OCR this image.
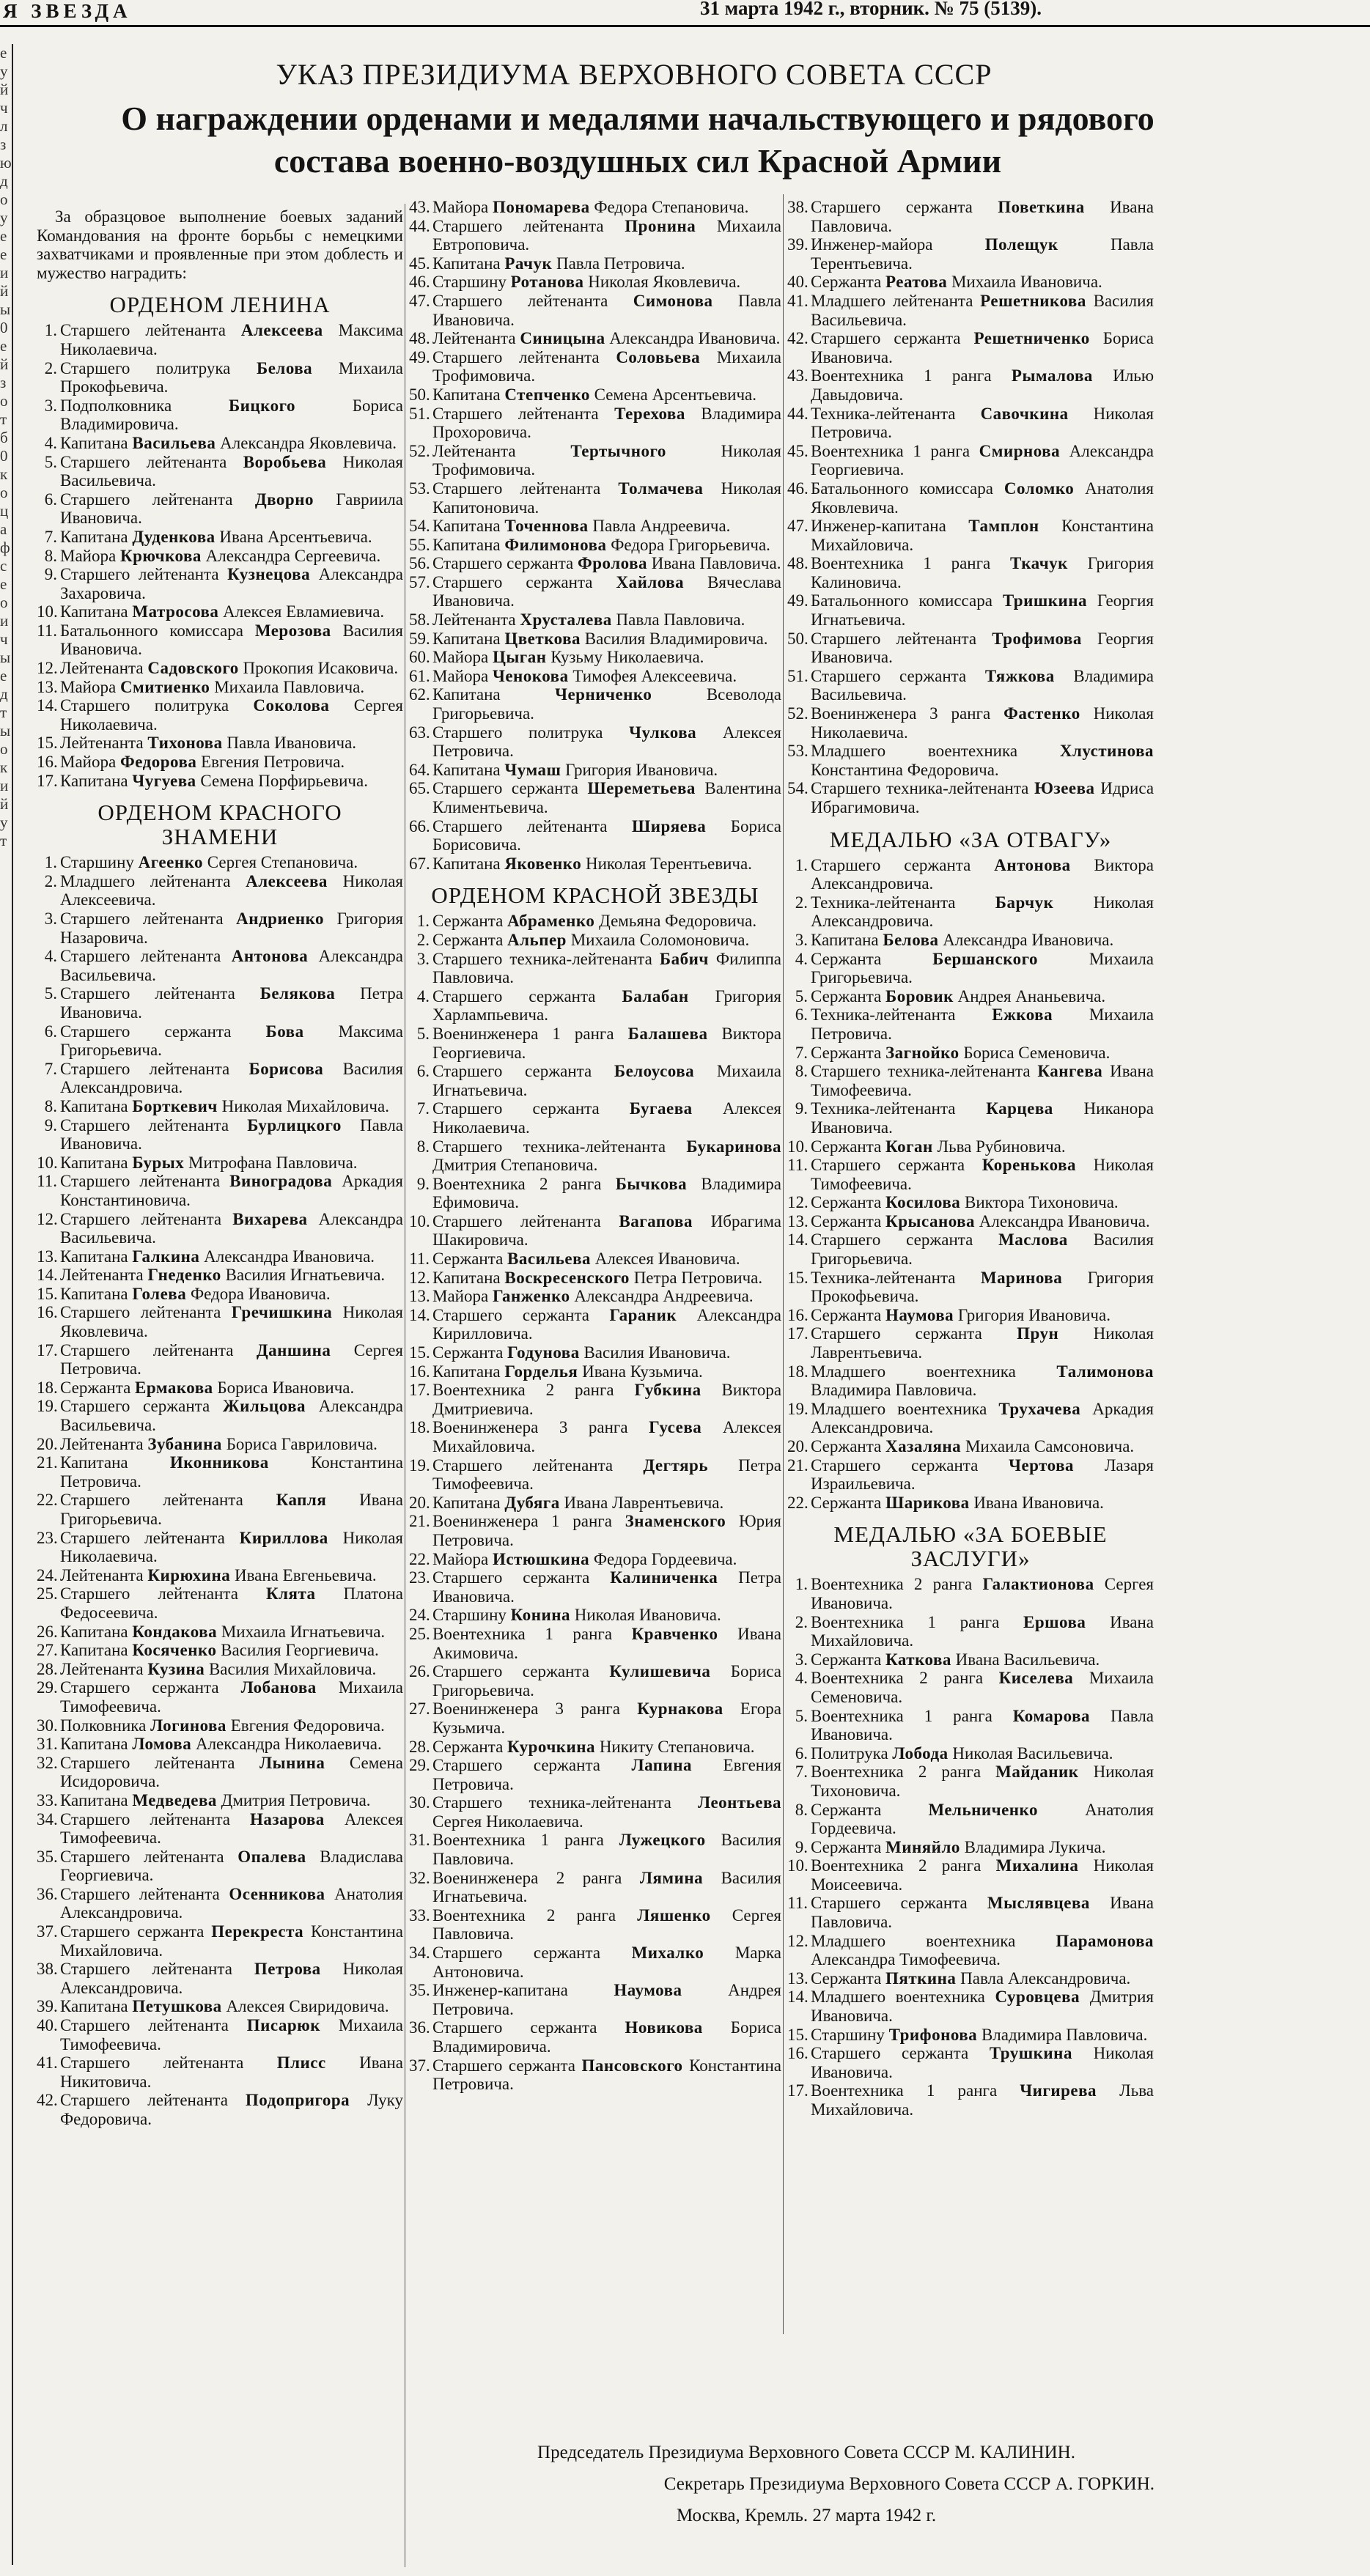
Я ЗВЕЗДА	31 марта 1942 г., вторник. № 75 (5139).
е у й ч л з ю д о у е е и й ы 0 е й з о т б 0 к о ц а ф с е о и ч ы е д т ы о к и й у т
УКАЗ ПРЕЗИДИУМА ВЕРХОВНОГО СОВЕТА СССР
О награждении орденами и медалями начальствующего и рядового состава военно-воздушных сил Красной Армии
За образцовое выполнение боевых заданий Командования на фронте борьбы с немецкими захватчиками и проявленные при этом доблесть и мужество наградить:
ОРДЕНОМ ЛЕНИНА
1. Старшего лейтенанта Алексеева Максима Николаевича.
2. Старшего политрука Белова Михаила Прокофьевича.
3. Подполковника	Бицкого	Бориса Владимировича.
4. Капитана Васильева Александра Яковлевича.
5. Старшего лейтенанта Воробьева Николая Васильевича.
6. Старшего лейтенанта Дворно Гавриила Ивановича.
7. Капитана Дуденкова Ивана Арсентьевича.
8. Майора Крючкова Александра Сергеевича.
9. Старшего лейтенанта Кузнецова Александра Захаровича.
10. Капитана Матросова Алексея Евламиевича.
11. Батальонного комиссара Мерозова Василия Ивановича.
12. Лейтенанта Садовского Прокопия Исаковича.
13. Майора Смитиенко Михаила Павловича.
14. Старшего политрука Соколова Сергея Николаевича.
15. Лейтенанта Тихонова Павла Ивановича.
16. Майора Федорова Евгения Петровича.
17. Капитана Чугуева Семена Порфирьевича.
ОРДЕНОМ КРАСНОГО ЗНАМЕНИ
1. Старшину Агеенко Сергея Степановича.
2. Младшего лейтенанта Алексеева Николая Алексеевича.
3. Старшего лейтенанта Андриенко Григория Назаровича.
4. Старшего лейтенанта Антонова Александра Васильевича.
5. Старшего лейтенанта Белякова Петра Ивановича.
6. Старшего сержанта Бова Максима Григорьевича.
7. Старшего лейтенанта Борисова Василия Александровича.
8. Капитана Борткевич Николая Михайловича.
9. Старшего лейтенанта Бурлицкого Павла Ивановича.
10. Капитана Бурых Митрофана Павловича.
11. Старшего лейтенанта Виноградова Аркадия Константиновича.
12. Старшего лейтенанта Вихарева Александра Васильевича.
13. Капитана Галкина Александра Ивановича.
14. Лейтенанта Гнеденко Василия Игнатьевича.
15. Капитана Голева Федора Ивановича.
16. Старшего лейтенанта Гречишкина Николая Яковлевича.
17. Старшего лейтенанта Даншина Сергея Петровича.
18. Сержанта Ермакова Бориса Ивановича.
19. Старшего сержанта Жильцова Александра Васильевича.
20. Лейтенанта Зубанина Бориса Гавриловича.
21. Капитана Иконникова Константина Петровича.
22. Старшего лейтенанта Капля Ивана Григорьевича.
23. Старшего лейтенанта Кириллова Николая Николаевича.
24. Лейтенанта Кирюхина Ивана Евгеньевича.
25. Старшего лейтенанта Клята Платона Федосеевича.
26. Капитана Кондакова Михаила Игнатьевича.
27. Капитана Косяченко Василия Георгиевича.
28. Лейтенанта Кузина Василия Михайловича.
29. Старшего сержанта Лобанова Михаила Тимофеевича.
30. Полковника Логинова Евгения Федоровича.
31. Капитана Ломова Александра Николаевича.
32. Старшего лейтенанта Лынина Семена Исидоровича.
33. Капитана Медведева Дмитрия Петровича.
34. Старшего лейтенанта Назарова Алексея Тимофеевича.
35. Старшего лейтенанта Опалева Владислава Георгиевича.
36. Старшего лейтенанта Осенникова Анатолия Александровича.
37. Старшего сержанта Перекреста Константина Михайловича.
38. Старшего лейтенанта Петрова Николая Александровича.
39. Капитана Петушкова Алексея Свиридовича.
40. Старшего лейтенанта Писарюк Михаила Тимофеевича.
41. Старшего лейтенанта Плисс Ивана Никитовича.
42. Старшего лейтенанта Подопригора Луку Федоровича.
43. Майора Пономарева Федора Степановича.
44. Старшего лейтенанта Пронина Михаила Евтроповича.
45. Капитана Рачук Павла Петровича.
46. Старшину Ротанова Николая Яковлевича.
47. Старшего лейтенанта Симонова Павла Ивановича.
48. Лейтенанта Синицына Александра Ивановича.
49. Старшего лейтенанта Соловьева Михаила Трофимовича.
50. Капитана Степченко Семена Арсентьевича.
51. Старшего лейтенанта Терехова Владимира Прохоровича.
52. Лейтенанта	Тертычного	Николая Трофимовича.
53. Старшего лейтенанта Толмачева Николая Капитоновича.
54. Капитана Точеннова Павла Андреевича.
55. Капитана Филимонова Федора Григорьевича.
56. Старшего сержанта Фролова Ивана Павловича.
57. Старшего сержанта Хайлова Вячеслава Ивановича.
58. Лейтенанта Хрусталева Павла Павловича.
59. Капитана Цветкова Василия Владимировича.
60. Майора Цыган Кузьму Николаевича.
61. Майора Ченокова Тимофея Алексеевича.
62. Капитана	Черниченко	Всеволода Григорьевича.
63. Старшего политрука Чулкова Алексея Петровича.
64. Капитана Чумаш Григория Ивановича.
65. Старшего сержанта Шереметьева Валентина Климентьевича.
66. Старшего лейтенанта Ширяева Бориса Борисовича.
67. Капитана Яковенко Николая Терентьевича.
ОРДЕНОМ КРАСНОЙ ЗВЕЗДЫ
1. Сержанта Абраменко Демьяна Федоровича.
2. Сержанта Альпер Михаила Соломоновича.
3. Старшего техника-лейтенанта Бабич Филиппа Павловича.
4. Старшего сержанта Балабан Григория Харлампьевича.
5. Военинженера 1 ранга Балашева Виктора Георгиевича.
6. Старшего сержанта Белоусова Михаила Игнатьевича.
7. Старшего сержанта Бугаева Алексея Николаевича.
8. Старшего техника-лейтенанта Букаринова Дмитрия Степановича.
9. Воентехника 2 ранга Бычкова Владимира Ефимовича.
10. Старшего лейтенанта Вагапова Ибрагима Шакировича.
11. Сержанта Васильева Алексея Ивановича.
12. Капитана Воскресенского Петра Петровича.
13. Майора Ганженко Александра Андреевича.
14. Старшего сержанта Гараник Александра Кирилловича.
15. Сержанта Годунова Василия Ивановича.
16. Капитана Горделья Ивана Кузьмича.
17. Воентехника 2 ранга Губкина Виктора Дмитриевича.
18. Военинженера 3 ранга Гусева Алексея Михайловича.
19. Старшего лейтенанта Дегтярь Петра Тимофеевича.
20. Капитана Дубяга Ивана Лаврентьевича.
21. Военинженера 1 ранга Знаменского Юрия Петровича.
22. Майора Истюшкина Федора Гордеевича.
23. Старшего сержанта Калиниченка Петра Ивановича.
24. Старшину Конина Николая Ивановича.
25. Воентехника 1 ранга Кравченко Ивана Акимовича.
26. Старшего сержанта Кулишевича Бориса Григорьевича.
27. Военинженера 3 ранга Курнакова Егора Кузьмича.
28. Сержанта Курочкина Никиту Степановича.
29. Старшего сержанта Лапина Евгения Петровича.
30. Старшего техника-лейтенанта Леонтьева Сергея Николаевича.
31. Воентехника 1 ранга Лужецкого Василия Павловича.
32. Военинженера 2 ранга Лямина Василия Игнатьевича.
33. Воентехника 2 ранга Ляшенко Сергея Павловича.
34. Старшего сержанта Михалко Марка Антоновича.
35. Инженер-капитана	Наумова	Андрея Петровича.
36. Старшего сержанта Новикова Бориса Владимировича.
37. Старшего сержанта Пансовского Константина Петровича.
38. Старшего сержанта Поветкина Ивана Павловича.
39. Инженер-майора	Полещук	Павла Терентьевича.
40. Сержанта Реатова Михаила Ивановича.
41. Младшего лейтенанта Решетникова Василия Васильевича.
42. Старшего сержанта Решетниченко Бориса Ивановича.
43. Воентехника 1 ранга Рымалова Илью Давыдовича.
44. Техника-лейтенанта Савочкина Николая Петровича.
45. Воентехника 1 ранга Смирнова Александра Георгиевича.
46. Батальонного комиссара Соломко Анатолия Яковлевича.
47. Инженер-капитана Тамплон Константина Михайловича.
48. Воентехника 1 ранга Ткачук Григория Калиновича.
49. Батальонного комиссара Тришкина Георгия Игнатьевича.
50. Старшего лейтенанта Трофимова Георгия Ивановича.
51. Старшего сержанта Тяжкова Владимира Васильевича.
52. Военинженера 3 ранга Фастенко Николая Николаевича.
53. Младшего воентехника	Хлустинова Константина Федоровича.
54. Старшего техника-лейтенанта Юзеева Идриса Ибрагимовича.
МЕДАЛЬЮ «ЗА ОТВАГУ»
1. Старшего сержанта Антонова Виктора Александровича.
2. Техника-лейтенанта Барчук Николая Александровича.
3. Капитана Белова Александра Ивановича.
4. Сержанта	Бершанского	Михаила Григорьевича.
5. Сержанта Боровик Андрея Ананьевича.
6. Техника-лейтенанта Ежкова Михаила Петровича.
7. Сержанта Загнойко Бориса Семеновича.
8. Старшего техника-лейтенанта Кангева Ивана Тимофеевича.
9. Техника-лейтенанта Карцева Никанора Ивановича.
10. Сержанта Коган Льва Рубиновича.
11. Старшего сержанта Коренькова Николая Тимофеевича.
12. Сержанта Косилова Виктора Тихоновича.
13. Сержанта Крысанова Александра Ивановича.
14. Старшего сержанта Маслова Василия Григорьевича.
15. Техника-лейтенанта Маринова Григория Прокофьевича.
16. Сержанта Наумова Григория Ивановича.
17. Старшего сержанта Прун Николая Лаврентьевича.
18. Младшего воентехника Талимонова Владимира Павловича.
19. Младшего воентехника Трухачева Аркадия Александровича.
20. Сержанта Хазаляна Михаила Самсоновича.
21. Старшего сержанта Чертова Лазаря Израильевича.
22. Сержанта Шарикова Ивана Ивановича.
МЕДАЛЬЮ «ЗА БОЕВЫЕ ЗАСЛУГИ»
1. Воентехника 2 ранга Галактионова Сергея Ивановича.
2. Воентехника 1 ранга Ершова Ивана Михайловича.
3. Сержанта Каткова Ивана Васильевича.
4. Воентехника 2 ранга Киселева Михаила Семеновича.
5. Воентехника 1 ранга Комарова Павла Ивановича.
6. Политрука Лобода Николая Васильевича.
7. Воентехника 2 ранга Майданик Николая Тихоновича.
8. Сержанта	Мельниченко	Анатолия Гордеевича.
9. Сержанта Миняйло Владимира Лукича.
10. Воентехника 2 ранга Михалина Николая Моисеевича.
11. Старшего сержанта Мыслявцева Ивана Павловича.
12. Младшего воентехника Парамонова Александра Тимофеевича.
13. Сержанта Пяткина Павла Александровича.
14. Младшего воентехника Суровцева Дмитрия Ивановича.
15. Старшину Трифонова Владимира Павловича.
16. Старшего сержанта Трушкина Николая Ивановича.
17. Воентехника 1 ранга Чигирева Льва Михайловича.
Председатель Президиума Верховного Совета СССР М. КАЛИНИН.
Секретарь Президиума Верховного Совета СССР А. ГОРКИН.
Москва, Кремль. 27 марта 1942 г.
